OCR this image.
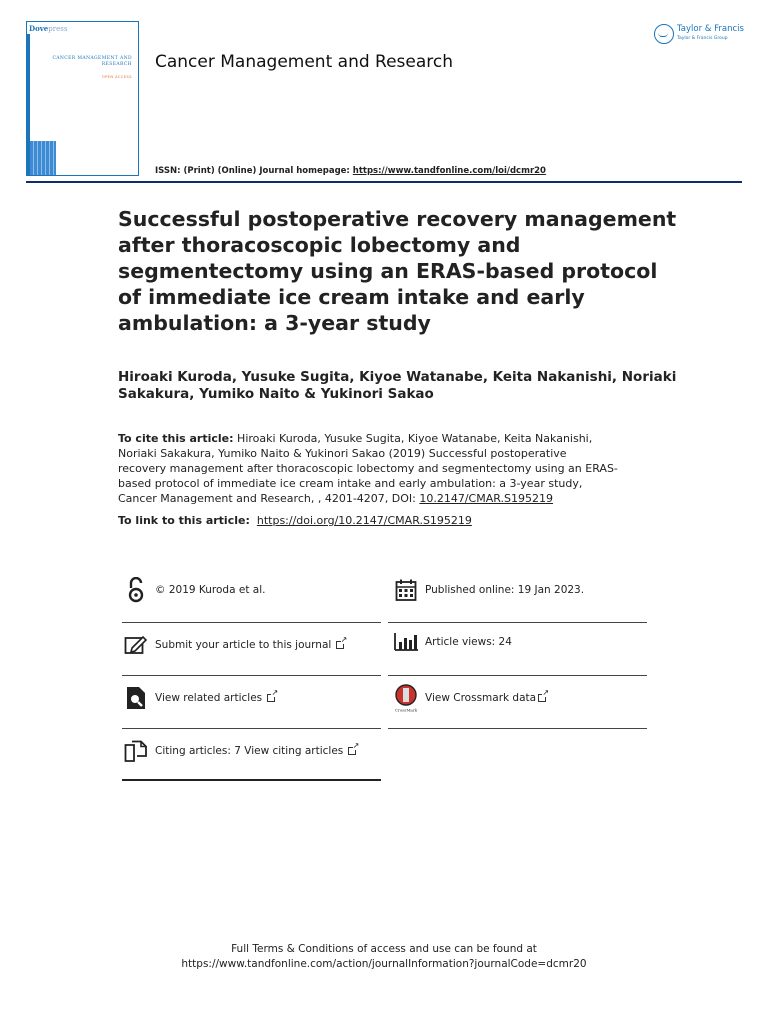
Dovepress
CANCER MANAGEMENT AND RESEARCH
OPEN ACCESS
Cancer Management and Research
Taylor & Francis
Taylor & Francis Group
ISSN: (Print) (Online) Journal homepage: https://www.tandfonline.com/loi/dcmr20
Successful postoperative recovery management after thoracoscopic lobectomy and segmentectomy using an ERAS-based protocol of immediate ice cream intake and early ambulation: a 3-year study
Hiroaki Kuroda, Yusuke Sugita, Kiyoe Watanabe, Keita Nakanishi, Noriaki Sakakura, Yumiko Naito & Yukinori Sakao
To cite this article: Hiroaki Kuroda, Yusuke Sugita, Kiyoe Watanabe, Keita Nakanishi, Noriaki Sakakura, Yumiko Naito & Yukinori Sakao (2019) Successful postoperative recovery management after thoracoscopic lobectomy and segmentectomy using an ERAS-based protocol of immediate ice cream intake and early ambulation: a 3-year study, Cancer Management and Research, , 4201-4207, DOI: 10.2147/CMAR.S195219
To link to this article: https://doi.org/10.2147/CMAR.S195219
© 2019 Kuroda et al.
Submit your article to this journal
↗
View related articles
↗
Citing articles: 7 View citing articles
↗
Published online: 19 Jan 2023.
Article views: 24
CrossMark
View Crossmark data
↗
Full Terms & Conditions of access and use can be found at
https://www.tandfonline.com/action/journalInformation?journalCode=dcmr20
